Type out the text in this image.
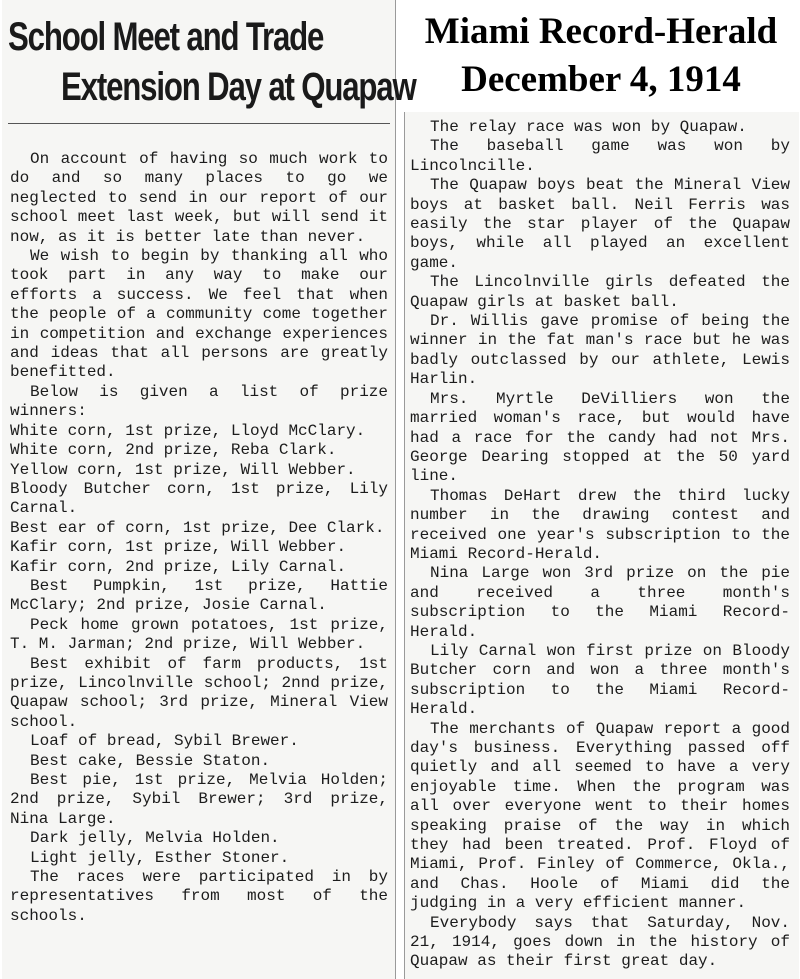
School Meet and Trade
Extension Day at Quapaw
Miami Record-Herald
December 4, 1914

On account of having so much work to do and so many places to go we neglected to send in our report of our school meet last week, but will send it now, as it is better late than never.

We wish to begin by thanking all who took part in any way to make our efforts a success. We feel that when the people of a community come together in competition and exchange experiences and ideas that all persons are greatly benefitted.

Below is given a list of prize winners:

White corn, 1st prize, Lloyd McClary.

White corn, 2nd prize, Reba Clark.

Yellow corn, 1st prize, Will Webber.

Bloody Butcher corn, 1st prize, Lily Carnal.

Best ear of corn, 1st prize, Dee Clark.

Kafir corn, 1st prize, Will Webber.

Kafir corn, 2nd prize, Lily Carnal.

Best Pumpkin, 1st prize, Hattie McClary; 2nd prize, Josie Carnal.

Peck home grown potatoes, 1st prize, T. M. Jarman; 2nd prize, Will Webber.

Best exhibit of farm products, 1st prize, Lincolnville school; 2nnd prize, Quapaw school; 3rd prize, Mineral View school.

Loaf of bread, Sybil Brewer.

Best cake, Bessie Staton.

Best pie, 1st prize, Melvia Holden; 2nd prize, Sybil Brewer; 3rd prize, Nina Large.

Dark jelly, Melvia Holden.

Light jelly, Esther Stoner.

The races were participated in by representatives from most of the schools.

The relay race was won by Quapaw.

The baseball game was won by Lincolncille.

The Quapaw boys beat the Mineral View boys at basket ball. Neil Ferris was easily the star player of the Quapaw boys, while all played an excellent game.

The Lincolnville girls defeated the Quapaw girls at basket ball.

Dr. Willis gave promise of being the winner in the fat man's race but he was badly outclassed by our athlete, Lewis Harlin.

Mrs. Myrtle DeVilliers won the married woman's race, but would have had a race for the candy had not Mrs. George Dearing stopped at the 50 yard line.

Thomas DeHart drew the third lucky number in the drawing contest and received one year's subscription to the Miami Record-Herald.

Nina Large won 3rd prize on the pie and received a three month's subscription to the Miami Record-Herald.

Lily Carnal won first prize on Bloody Butcher corn and won a three month's subscription to the Miami Record-Herald.

The merchants of Quapaw report a good day's business. Everything passed off quietly and all seemed to have a very enjoyable time. When the program was all over everyone went to their homes speaking praise of the way in which they had been treated. Prof. Floyd of Miami, Prof. Finley of Commerce, Okla., and Chas. Hoole of Miami did the judging in a very efficient manner.

Everybody says that Saturday, Nov. 21, 1914, goes down in the history of Quapaw as their first great day.
